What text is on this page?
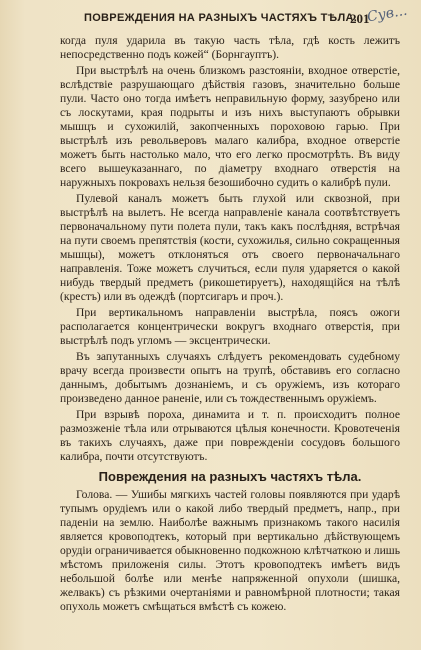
ПОВРЕЖДЕНИЯ НА РАЗНЫХЪ ЧАСТЯХЪ ТѢЛА.
201
Сув...

когда пуля ударила въ такую часть тѣла, гдѣ кость лежитъ непосредственно подъ кожей“ (Борнгауптъ).

При выстрѣлѣ на очень близкомъ разстоянiи, входное отверстiе, вслѣдствiе разрушающаго дѣйствiя газовъ, значительно больше пули. Часто оно тогда имѣетъ неправильную форму, зазубрено или съ лоскутами, края подрыты и изъ нихъ выступаютъ обрывки мышцъ и сухожилiй, закопченныхъ пороховою гарью. При выстрѣлѣ изъ револьверовъ малаго калибра, входное отверстiе можетъ быть настолько мало, что его легко просмотрѣть. Въ виду всего вышеуказаннаго, по дiаметру входнаго отверстiя на наружныхъ покровахъ нельзя безошибочно судить о калибрѣ пули.

Пулевой каналъ можетъ быть глухой или сквозной, при выстрѣлѣ на вылетъ. Не всегда направленiе канала соотвѣтствуетъ первоначальному пути полета пули, такъ какъ послѣдняя, встрѣчая на пути своемъ препятствiя (кости, сухожилья, сильно сокращенныя мышцы), можетъ отклоняться отъ своего первоначальнаго направленiя. Тоже можетъ случиться, если пуля ударяется о какой нибудь твердый предметъ (рикошетируетъ), находящiйся на тѣлѣ (крестъ) или въ одеждѣ (портсигаръ и проч.).

При вертикальномъ направленiи выстрѣла, поясъ ожоги располагается концентрически вокругъ входнаго отверстiя, при выстрѣлѣ подъ угломъ — эксцентрически.

Въ запутанныхъ случаяхъ слѣдуетъ рекомендовать судебному врачу всегда произвести опытъ на трупѣ, обставивъ его согласно даннымъ, добытымъ дознанiемъ, и съ оружiемъ, изъ котораго произведено данное раненiе, или съ тождественнымъ оружiемъ.

При взрывѣ пороха, динамита и т. п. происходитъ полное размозженiе тѣла или отрываются цѣлыя конечности. Кровотеченiя въ такихъ случаяхъ, даже при поврежденiи сосудовъ большого калибра, почти отсутствуютъ.

Повреждения на разныхъ частяхъ тѣла.

Голова. — Ушибы мягкихъ частей головы появляются при ударѣ тупымъ орудiемъ или о какой либо твердый предметъ, напр., при паденiи на землю. Наиболѣе важнымъ признакомъ такого насилiя является кровоподтекъ, который при вертикально дѣйствующемъ орудiи ограничивается обыкновенно подкожною клѣтчаткою и лишь мѣстомъ приложенiя силы. Этотъ кровоподтекъ имѣетъ видъ небольшой болѣе или менѣе напряженной опухоли (шишка, желвакъ) съ рѣзкими очертанiями и равномѣрной плотности; такая опухоль можетъ смѣщаться вмѣстѣ съ кожею.
